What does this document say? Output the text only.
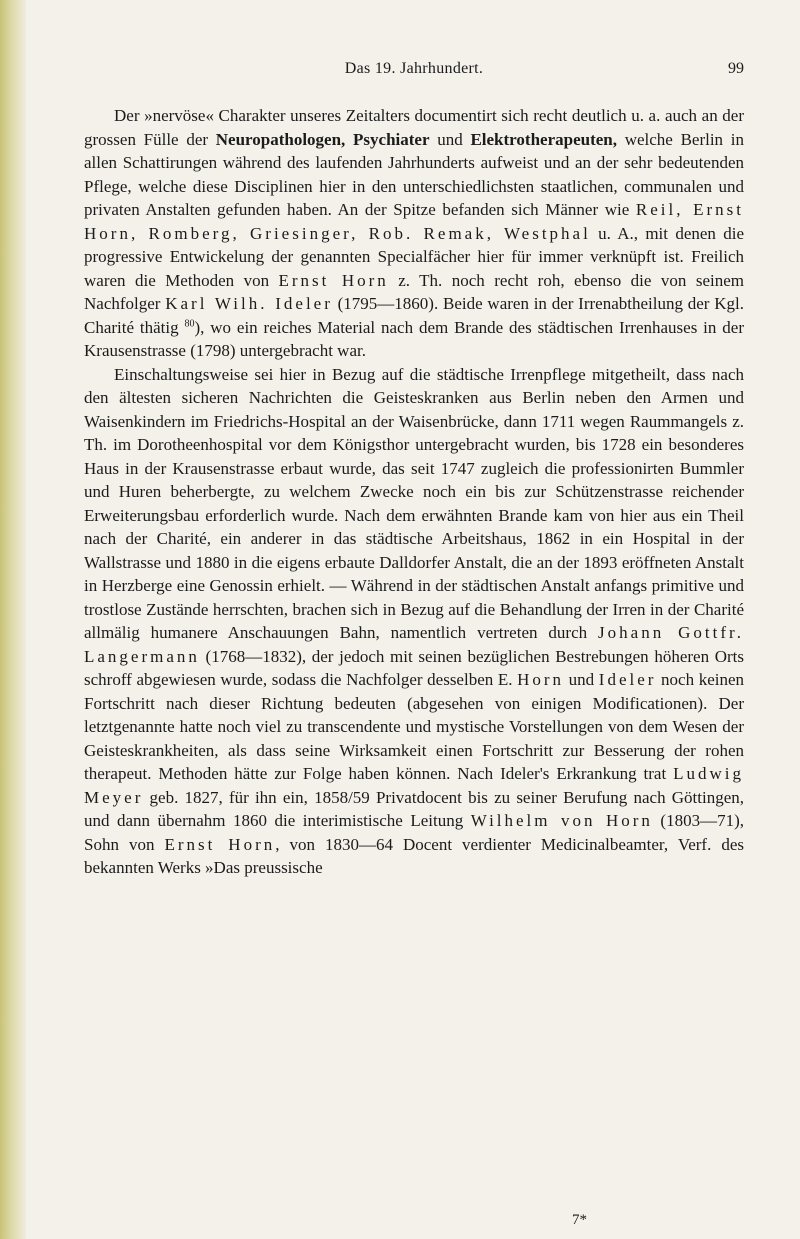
Das 19. Jahrhundert.	99

Der »nervöse« Charakter unseres Zeitalters documentirt sich recht deutlich u. a. auch an der grossen Fülle der Neuropathologen, Psychiater und Elektrotherapeuten, welche Berlin in allen Schattirungen während des laufenden Jahrhunderts aufweist und an der sehr bedeutenden Pflege, welche diese Disciplinen hier in den unterschiedlichsten staatlichen, communalen und privaten Anstalten gefunden haben. An der Spitze befanden sich Männer wie Reil, Ernst Horn, Romberg, Griesinger, Rob. Remak, Westphal u. A., mit denen die progressive Entwickelung der genannten Specialfächer hier für immer verknüpft ist. Freilich waren die Methoden von Ernst Horn z. Th. noch recht roh, ebenso die von seinem Nachfolger Karl Wilh. Ideler (1795—1860). Beide waren in der Irrenabtheilung der Kgl. Charité thätig $^{80}$), wo ein reiches Material nach dem Brande des städtischen Irrenhauses in der Krausenstrasse (1798) untergebracht war.

Einschaltungsweise sei hier in Bezug auf die städtische Irrenpflege mitgetheilt, dass nach den ältesten sicheren Nachrichten die Geisteskranken aus Berlin neben den Armen und Waisenkindern im Friedrichs-Hospital an der Waisenbrücke, dann 1711 wegen Raummangels z. Th. im Dorotheenhospital vor dem Königsthor untergebracht wurden, bis 1728 ein besonderes Haus in der Krausenstrasse erbaut wurde, das seit 1747 zugleich die professionirten Bummler und Huren beherbergte, zu welchem Zwecke noch ein bis zur Schützenstrasse reichender Erweiterungsbau erforderlich wurde. Nach dem erwähnten Brande kam von hier aus ein Theil nach der Charité, ein anderer in das städtische Arbeitshaus, 1862 in ein Hospital in der Wallstrasse und 1880 in die eigens erbaute Dalldorfer Anstalt, die an der 1893 eröffneten Anstalt in Herzberge eine Genossin erhielt. — Während in der städtischen Anstalt anfangs primitive und trostlose Zustände herrschten, brachen sich in Bezug auf die Behandlung der Irren in der Charité allmälig humanere Anschauungen Bahn, namentlich vertreten durch Johann Gottfr. Langermann (1768—1832), der jedoch mit seinen bezüglichen Bestrebungen höheren Orts schroff abgewiesen wurde, sodass die Nachfolger desselben E. Horn und Ideler noch keinen Fortschritt nach dieser Richtung bedeuten (abgesehen von einigen Modificationen). Der letztgenannte hatte noch viel zu transcendente und mystische Vorstellungen von dem Wesen der Geisteskrankheiten, als dass seine Wirksamkeit einen Fortschritt zur Besserung der rohen therapeut. Methoden hätte zur Folge haben können. Nach Ideler's Erkrankung trat Ludwig Meyer geb. 1827, für ihn ein, 1858/59 Privatdocent bis zu seiner Berufung nach Göttingen, und dann übernahm 1860 die interimistische Leitung Wilhelm von Horn (1803—71), Sohn von Ernst Horn, von 1830—64 Docent verdienter Medicinalbeamter, Verf. des bekannten Werks »Das preussische

7*
